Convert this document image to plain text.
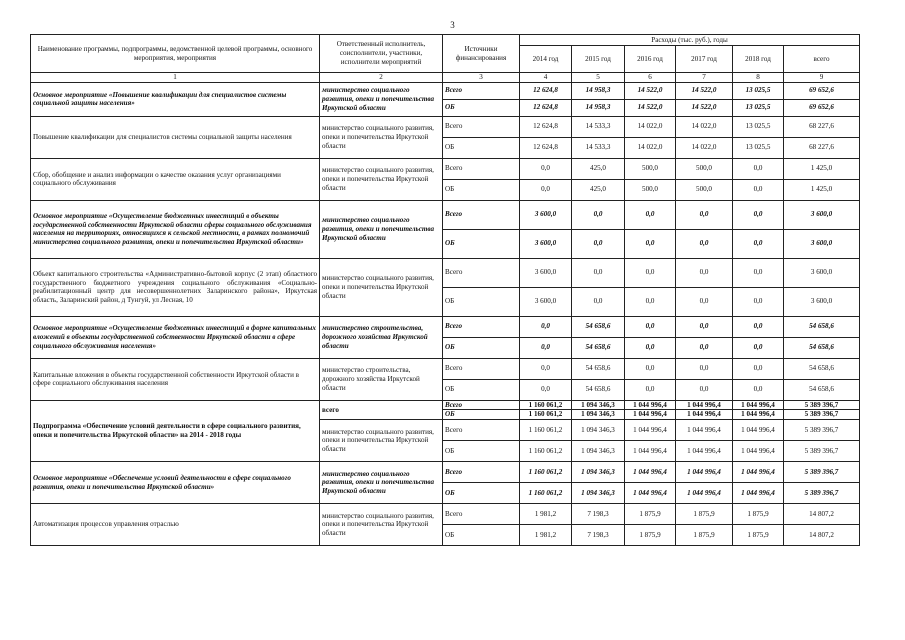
3
Наименование программы, подпрограммы, ведомственной целевой программы, основного мероприятия, мероприятия	Ответственный исполнитель, соисполнители, участники, исполнители мероприятий	Источники финансирования	Расходы (тыс. руб.), годы					
			2014 год	2015 год	2016 год	2017 год	2018 год	всего
1	2	3	4	5	6	7	8	9
Основное мероприятие «Повышение квалификации для специалистов системы социальной защиты населения»	министерство социального развития, опеки и попечительства Иркутской области	Всего	12 624,8	14 958,3	14 522,0	14 522,0	13 025,5	69 652,6
		ОБ	12 624,8	14 958,3	14 522,0	14 522,0	13 025,5	69 652,6
Повышение квалификации для специалистов системы социальной защиты населения	министерство социального развития, опеки и попечительства Иркутской области	Всего	12 624,8	14 533,3	14 022,0	14 022,0	13 025,5	68 227,6
		ОБ	12 624,8	14 533,3	14 022,0	14 022,0	13 025,5	68 227,6
Сбор, обобщение и анализ информации о качестве оказания услуг организациями социального обслуживания	министерство социального развития, опеки и попечительства Иркутской области	Всего	0,0	425,0	500,0	500,0	0,0	1 425,0
		ОБ	0,0	425,0	500,0	500,0	0,0	1 425,0
Основное мероприятие «Осуществление бюджетных инвестиций в объекты государственной собственности Иркутской области сферы социального обслуживания населения на территориях, относящихся к сельской местности, в рамках полномочий министерства социального развития, опеки и попечительства Иркутской области»	министерство социального развития, опеки и попечительства Иркутской области	Всего	3 600,0	0,0	0,0	0,0	0,0	3 600,0
		ОБ	3 600,0	0,0	0,0	0,0	0,0	3 600,0
Объект капитального строительства «Административно-бытовой корпус (2 этап) областного государственного бюджетного учреждения социального обслуживания «Социально-реабилитационный центр для несовершеннолетних Заларинского района», Иркутская область, Заларинский район, д Тунгуй, ул Лесная, 10	министерство социального развития, опеки и попечительства Иркутской области	Всего	3 600,0	0,0	0,0	0,0	0,0	3 600,0
		ОБ	3 600,0	0,0	0,0	0,0	0,0	3 600,0
Основное мероприятие «Осуществление бюджетных инвестиций в форме капитальных вложений в объекты государственной собственности Иркутской области в сфере социального обслуживания населения»	министерство строительства, дорожного хозяйства Иркутской области	Всего	0,0	54 658,6	0,0	0,0	0,0	54 658,6
		ОБ	0,0	54 658,6	0,0	0,0	0,0	54 658,6
Капитальные вложения в объекты государственной собственности Иркутской области в сфере социального обслуживания населения	министерство строительства, дорожного хозяйства Иркутской области	Всего	0,0	54 658,6	0,0	0,0	0,0	54 658,6
		ОБ	0,0	54 658,6	0,0	0,0	0,0	54 658,6
Подпрограмма «Обеспечение условий деятельности в сфере социального развития, опеки и попечительства Иркутской области» на 2014 - 2018 годы	всего	Всего	1 160 061,2	1 094 346,3	1 044 996,4	1 044 996,4	1 044 996,4	5 389 396,7
		ОБ	1 160 061,2	1 094 346,3	1 044 996,4	1 044 996,4	1 044 996,4	5 389 396,7
	министерство социального развития, опеки и попечительства Иркутской области	Всего	1 160 061,2	1 094 346,3	1 044 996,4	1 044 996,4	1 044 996,4	5 389 396,7
		ОБ	1 160 061,2	1 094 346,3	1 044 996,4	1 044 996,4	1 044 996,4	5 389 396,7
Основное мероприятие «Обеспечение условий деятельности в сфере социального развития, опеки и попечительства Иркутской области»	министерство социального развития, опеки и попечительства Иркутской области	Всего	1 160 061,2	1 094 346,3	1 044 996,4	1 044 996,4	1 044 996,4	5 389 396,7
		ОБ	1 160 061,2	1 094 346,3	1 044 996,4	1 044 996,4	1 044 996,4	5 389 396,7
Автоматизация процессов управления отраслью	министерство социального развития, опеки и попечительства Иркутской области	Всего	1 981,2	7 198,3	1 875,9	1 875,9	1 875,9	14 807,2
		ОБ	1 981,2	7 198,3	1 875,9	1 875,9	1 875,9	14 807,2
